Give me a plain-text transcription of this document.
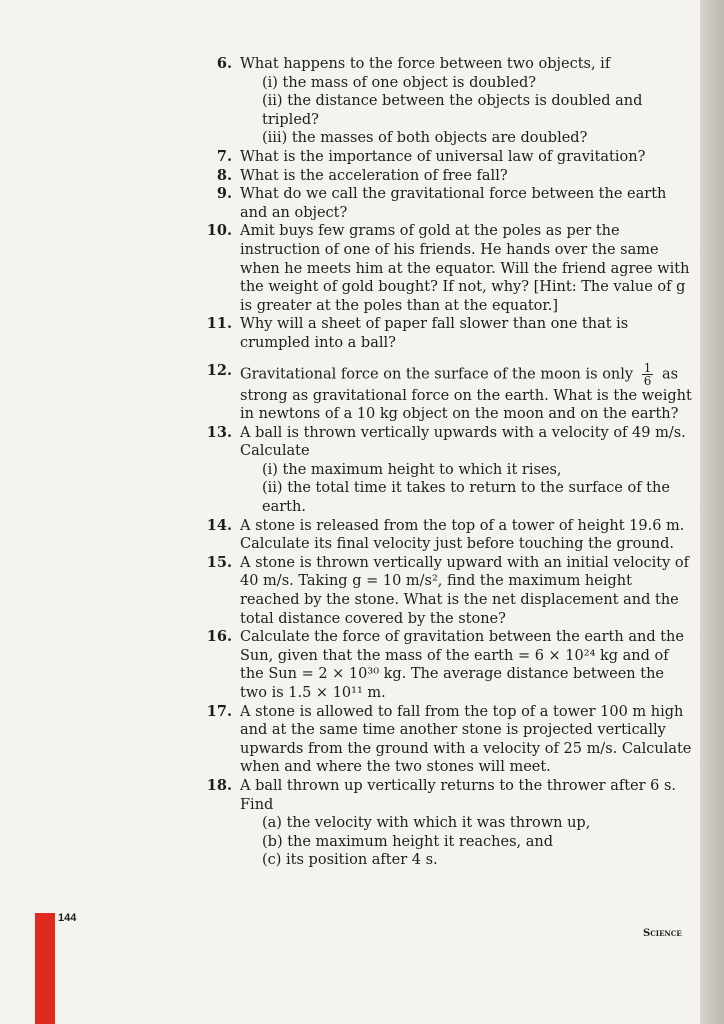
6. What happens to the force between two objects, if

(i) the mass of one object is doubled?

(ii) the distance between the objects is doubled and tripled?

(iii) the masses of both objects are doubled?

7. What is the importance of universal law of gravitation?

8. What is the acceleration of free fall?

9. What do we call the gravitational force between the earth and an object?

10. Amit buys few grams of gold at the poles as per the instruction of one of his friends. He hands over the same when he meets him at the equator. Will the friend agree with the weight of gold bought? If not, why? [Hint: The value of g is greater at the poles than at the equator.]

11. Why will a sheet of paper fall slower than one that is crumpled into a ball?

12. Gravitational force on the surface of the moon is only $\frac{1}{6}$ as

strong as gravitational force on the earth. What is the weight in newtons of a 10 kg object on the moon and on the earth?

13. A ball is thrown vertically upwards with a velocity of 49 m/s. Calculate

(i) the maximum height to which it rises,

(ii) the total time it takes to return to the surface of the earth.

14. A stone is released from the top of a tower of height 19.6 m. Calculate its final velocity just before touching the ground.

15. A stone is thrown vertically upward with an initial velocity of 40 m/s. Taking g = 10 m/s², find the maximum height reached by the stone. What is the net displacement and the total distance covered by the stone?

16. Calculate the force of gravitation between the earth and the Sun, given that the mass of the earth = 6 × 10²⁴ kg and of the Sun = 2 × 10³⁰ kg. The average distance between the two is 1.5 × 10¹¹ m.

17. A stone is allowed to fall from the top of a tower 100 m high and at the same time another stone is projected vertically upwards from the ground with a velocity of 25 m/s. Calculate when and where the two stones will meet.

18. A ball thrown up vertically returns to the thrower after 6 s. Find

(a) the velocity with which it was thrown up,

(b) the maximum height it reaches, and

(c) its position after 4 s.

144
Science
